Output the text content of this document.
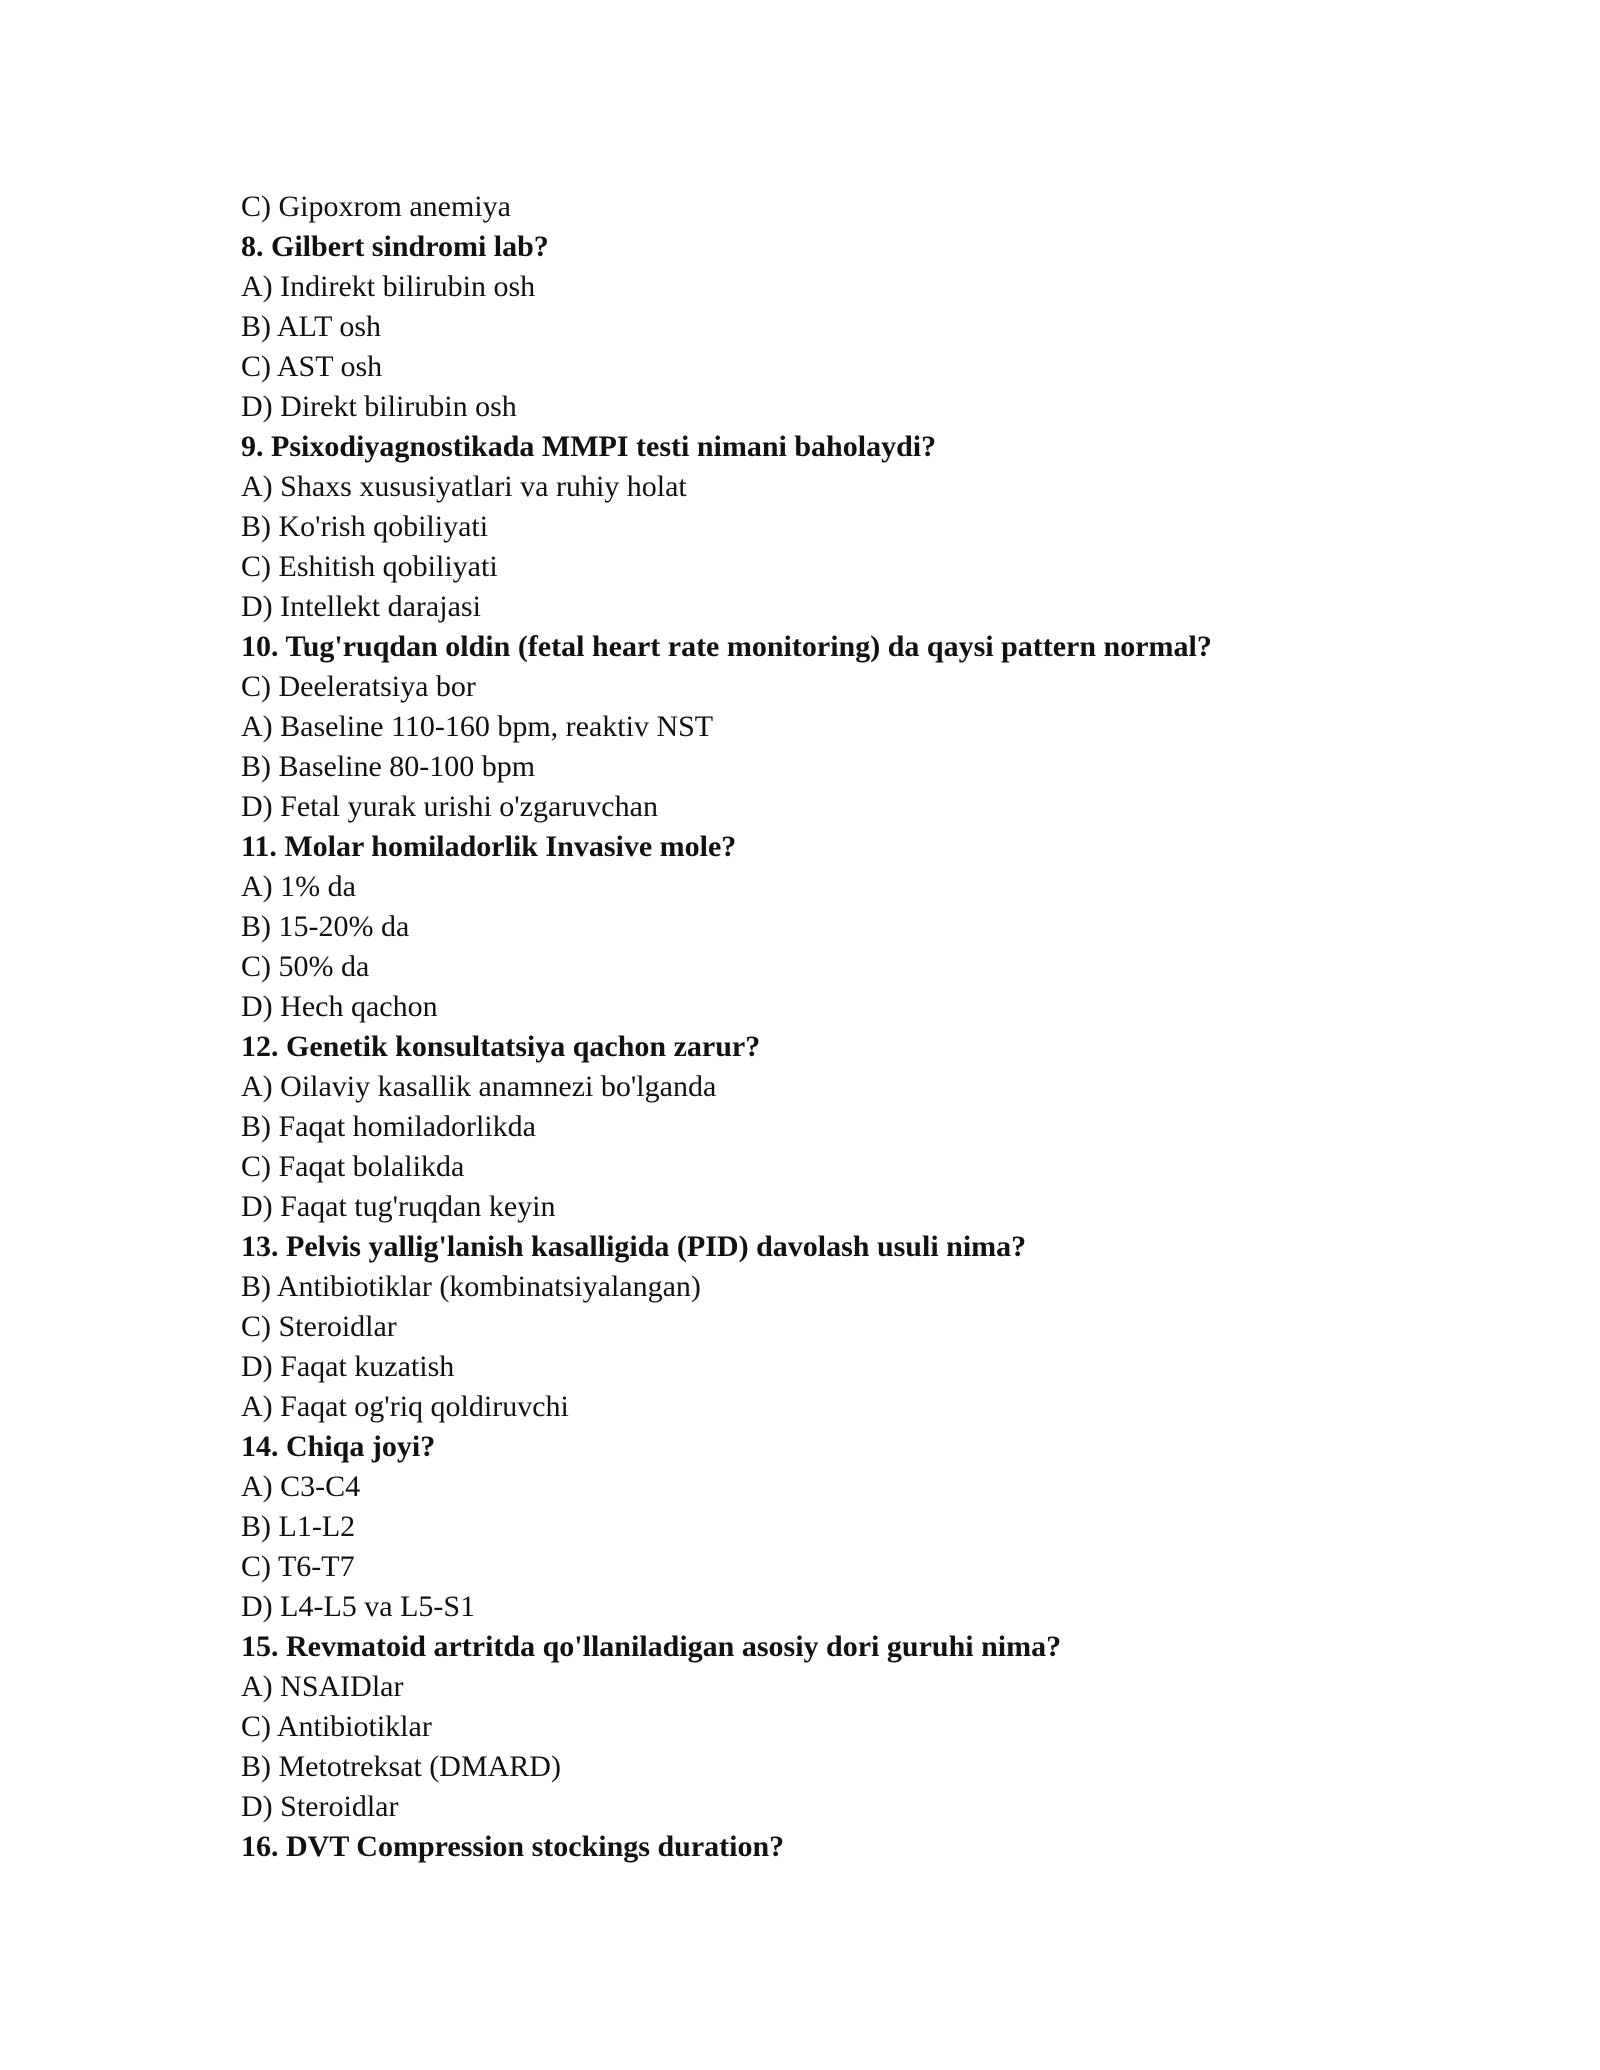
C) Gipoxrom anemiya
8. Gilbert sindromi lab?
A) Indirekt bilirubin osh
B) ALT osh
C) AST osh
D) Direkt bilirubin osh
9. Psixodiyagnostikada MMPI testi nimani baholaydi?
A) Shaxs xususiyatlari va ruhiy holat
B) Ko'rish qobiliyati
C) Eshitish qobiliyati
D) Intellekt darajasi
10. Tug'ruqdan oldin (fetal heart rate monitoring) da qaysi pattern normal?
C) Deeleratsiya bor
A) Baseline 110-160 bpm, reaktiv NST
B) Baseline 80-100 bpm
D) Fetal yurak urishi o'zgaruvchan
11. Molar homiladorlik Invasive mole?
A) 1% da
B) 15-20% da
C) 50% da
D) Hech qachon
12. Genetik konsultatsiya qachon zarur?
A) Oilaviy kasallik anamnezi bo'lganda
B) Faqat homiladorlikda
C) Faqat bolalikda
D) Faqat tug'ruqdan keyin
13. Pelvis yallig'lanish kasalligida (PID) davolash usuli nima?
B) Antibiotiklar (kombinatsiyalangan)
C) Steroidlar
D) Faqat kuzatish
A) Faqat og'riq qoldiruvchi
14. Chiqa joyi?
A) C3-C4
B) L1-L2
C) T6-T7
D) L4-L5 va L5-S1
15. Revmatoid artritda qo'llaniladigan asosiy dori guruhi nima?
A) NSAIDlar
C) Antibiotiklar
B) Metotreksat (DMARD)
D) Steroidlar
16. DVT Compression stockings duration?
